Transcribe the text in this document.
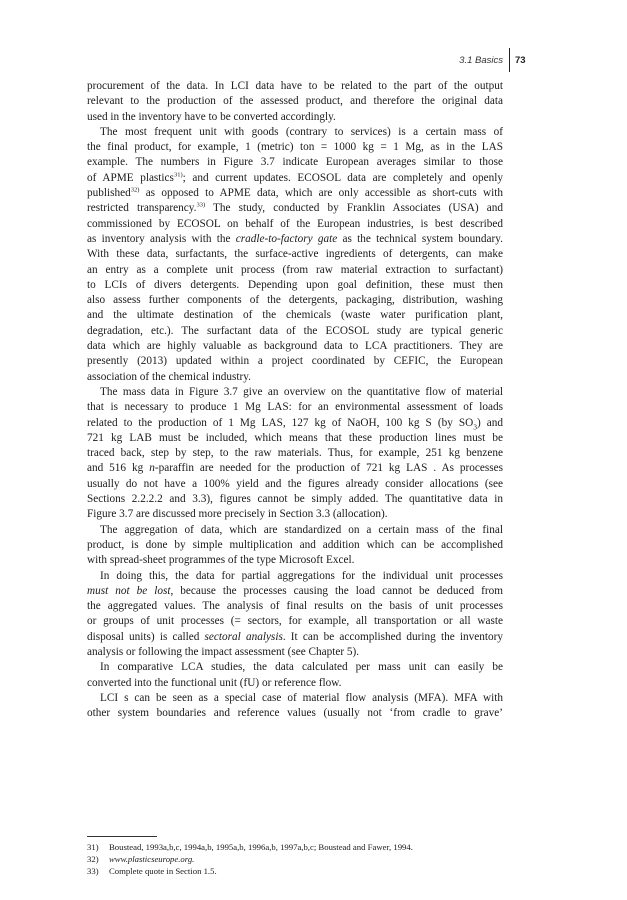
3.1 Basics 73
procurement of the data. In LCI data have to be related to the part of the output
relevant to the production of the assessed product, and therefore the original data
used in the inventory have to be converted accordingly.
The most frequent unit with goods (contrary to services) is a certain mass of
the final product, for example, 1 (metric) ton = 1000 kg = 1 Mg, as in the LAS
example. The numbers in Figure 3.7 indicate European averages similar to those
of APME plastics$^{31)}$; and current updates. ECOSOL data are completely and openly
published$^{32)}$ as opposed to APME data, which are only accessible as short-cuts with
restricted transparency.$^{33)}$ The study, conducted by Franklin Associates (USA) and
commissioned by ECOSOL on behalf of the European industries, is best described
as inventory analysis with the cradle-to-factory gate as the technical system boundary.
With these data, surfactants, the surface-active ingredients of detergents, can make
an entry as a complete unit process (from raw material extraction to surfactant)
to LCIs of divers detergents. Depending upon goal definition, these must then
also assess further components of the detergents, packaging, distribution, washing
and the ultimate destination of the chemicals (waste water purification plant,
degradation, etc.). The surfactant data of the ECOSOL study are typical generic
data which are highly valuable as background data to LCA practitioners. They are
presently (2013) updated within a project coordinated by CEFIC, the European
association of the chemical industry.
The mass data in Figure 3.7 give an overview on the quantitative flow of material
that is necessary to produce 1 Mg LAS: for an environmental assessment of loads
related to the production of 1 Mg LAS, 127 kg of NaOH, 100 kg S (by $SO_3$) and
721 kg LAB must be included, which means that these production lines must be
traced back, step by step, to the raw materials. Thus, for example, 251 kg benzene
and 516 kg n-paraffin are needed for the production of 721 kg LAS . As processes
usually do not have a 100% yield and the figures already consider allocations (see
Sections 2.2.2.2 and 3.3), figures cannot be simply added. The quantitative data in
Figure 3.7 are discussed more precisely in Section 3.3 (allocation).
The aggregation of data, which are standardized on a certain mass of the final
product, is done by simple multiplication and addition which can be accomplished
with spread-sheet programmes of the type Microsoft Excel.
In doing this, the data for partial aggregations for the individual unit processes
must not be lost, because the processes causing the load cannot be deduced from
the aggregated values. The analysis of final results on the basis of unit processes
or groups of unit processes (= sectors, for example, all transportation or all waste
disposal units) is called sectoral analysis. It can be accomplished during the inventory
analysis or following the impact assessment (see Chapter 5).
In comparative LCA studies, the data calculated per mass unit can easily be
converted into the functional unit (fU) or reference flow.
LCI s can be seen as a special case of material flow analysis (MFA). MFA with
other system boundaries and reference values (usually not ‘from cradle to grave’
31) Boustead, 1993a,b,c, 1994a,b, 1995a,b, 1996a,b, 1997a,b,c; Boustead and Fawer, 1994.
32) www.plasticseurope.org.
33) Complete quote in Section 1.5.
